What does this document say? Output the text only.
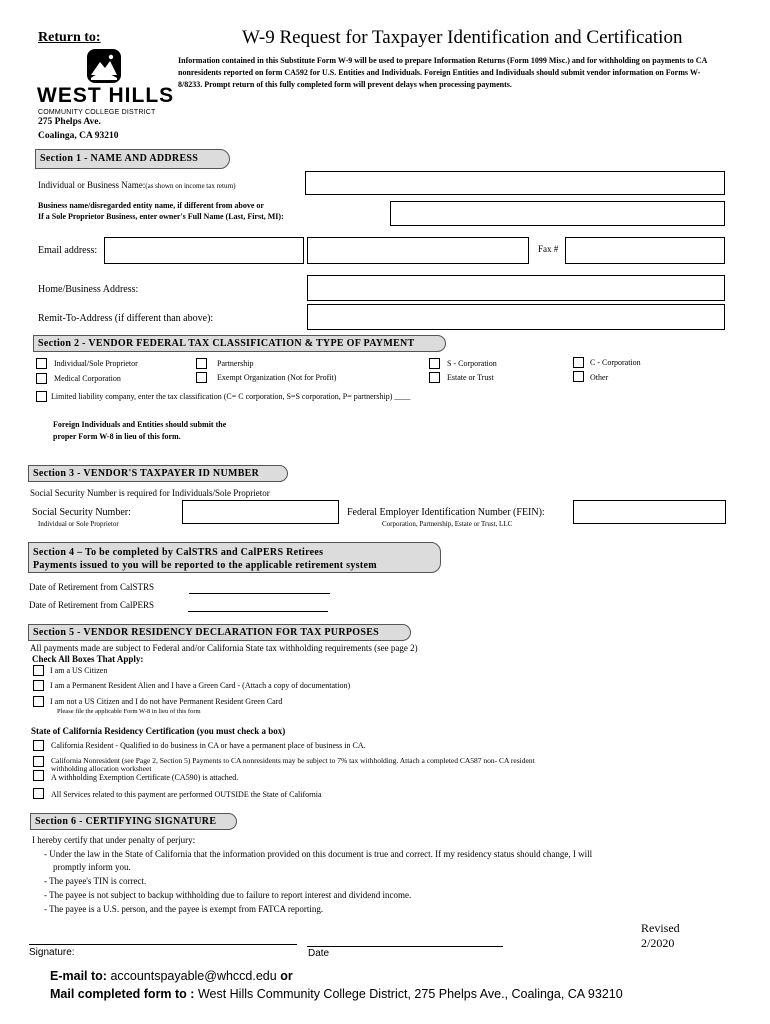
Return to:	W-9 Request for Taxpayer Identification and Certification
Information contained in this Substitute Form W-9 will be used to prepare Information Returns (Form 1099 Misc.) and for withholding on payments to CA nonresidents reported on form CA592 for U.S. Entities and Individuals. Foreign Entities and Individuals should submit vendor information on Forms W-8/8233. Prompt return of this fully completed form will prevent delays when processing payments.
WEST HILLS
COMMUNITY COLLEGE DISTRICT
275 Phelps Ave.
Coalinga, CA 93210
Section 1 - NAME AND ADDRESS
Individual or Business Name:(as shown on income tax return)
Business name/disregarded entity name, if different from above or
If a Sole Proprietor Business, enter owner's Full Name (Last, First, MI):
Email address:	Fax #
Home/Business Address:
Remit-To-Address (if different than above):
Section 2 - VENDOR FEDERAL TAX CLASSIFICATION & TYPE OF PAYMENT
Individual/Sole Proprietor	Partnership	S - Corporation	C - Corporation
Medical Corporation	Exempt Organization (Not for Profit)	Estate or Trust	Other
Limited liability company, enter the tax classification (C= C corporation, S=S corporation, P= partnership) ____
Foreign Individuals and Entities should submit the
proper Form W-8 in lieu of this form.
Section 3 - VENDOR'S TAXPAYER ID NUMBER
Social Security Number is required for Individuals/Sole Proprietor
Social Security Number:
Individual or Sole Proprietor
Federal Employer Identification Number (FEIN):
Corporation, Partnership, Estate or Trust, LLC
Section 4 – To be completed by CalSTRS and CalPERS Retirees
Payments issued to you will be reported to the applicable retirement system
Date of Retirement from CalSTRS
Date of Retirement from CalPERS
Section 5 - VENDOR RESIDENCY DECLARATION FOR TAX PURPOSES
All payments made are subject to Federal and/or California State tax withholding requirements (see page 2)
Check All Boxes That Apply:
I am a US Citizen
I am a Permanent Resident Alien and I have a Green Card - (Attach a copy of documentation)
I am not a US Citizen and I do not have Permanent Resident Green Card
Please file the applicable Form W-8 in lieu of this form
State of California Residency Certification (you must check a box)
California Resident - Qualified to do business in CA or have a permanent place of business in CA.
California Nonresident (see Page 2, Section 5) Payments to CA nonresidents may be subject to 7% tax withholding. Attach a completed CA587 non- CA resident
withholding allocation worksheet
A withholding Exemption Certificate (CA590) is attached.
All Services related to this payment are performed OUTSIDE the State of California
Section 6 - CERTIFYING SIGNATURE
I hereby certify that under penalty of perjury:
- Under the law in the State of California that the information provided on this document is true and correct. If my residency status should change, I will
promptly inform you.
- The payee's TIN is correct.
- The payee is not subject to backup withholding due to failure to report interest and dividend income.
- The payee is a U.S. person, and the payee is exempt from FATCA reporting.
Revised
2/2020
Signature:	Date
E-mail to: accountspayable@whccd.edu or
Mail completed form to : West Hills Community College District, 275 Phelps Ave., Coalinga, CA 93210
